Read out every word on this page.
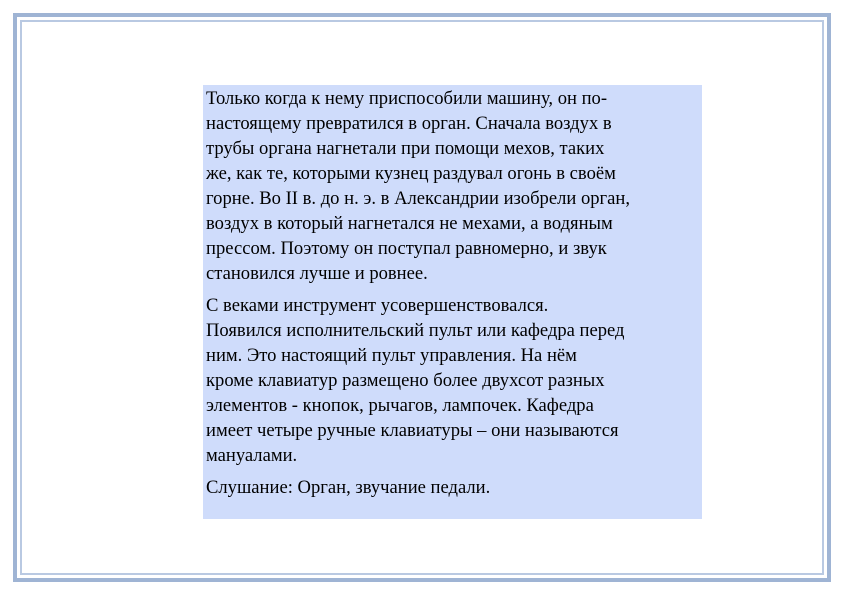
Только когда к нему приспособили машину, он по-
настоящему превратился в орган. Сначала воздух в
трубы органа нагнетали при помощи мехов, таких
же, как те, которыми кузнец раздувал огонь в своём
горне. Во II в. до н. э. в Александрии изобрели орган,
воздух в который нагнетался не мехами, а водяным
прессом. Поэтому он поступал равномерно, и звук
становился лучше и ровнее.

С веками инструмент усовершенствовался.
Появился исполнительский пульт или кафедра перед
ним. Это настоящий пульт управления. На нём
кроме клавиатур размещено более двухсот разных
элементов - кнопок, рычагов, лампочек. Кафедра
имеет четыре ручные клавиатуры – они называются
мануалами.

Слушание: Орган, звучание педали.
